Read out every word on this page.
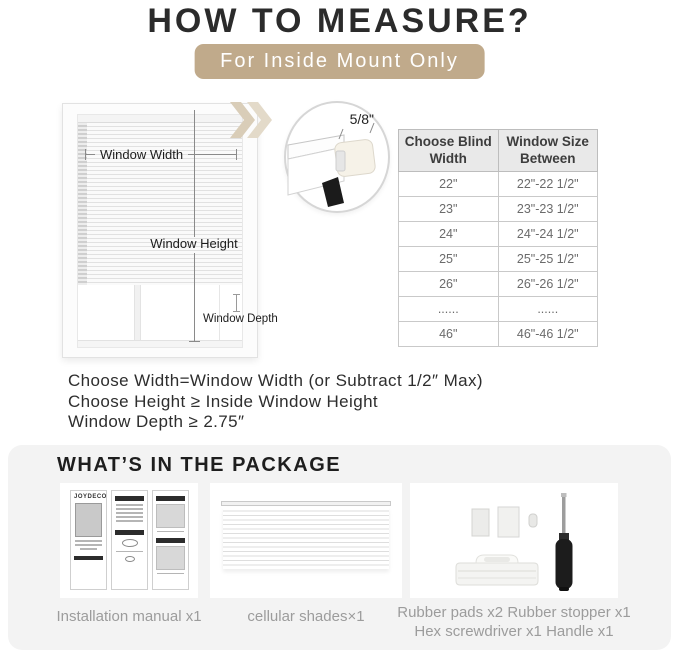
HOW TO MEASURE?
For Inside Mount Only
Window Width
Window Height
Window Depth
5/8"
Choose Blind Width	Window Size Between
22"	22"-22 1/2"
23"	23"-23 1/2"
24"	24"-24 1/2"
25"	25"-25 1/2"
26"	26"-26 1/2"
......	......
46"	46"-46 1/2"
Choose Width=Window Width (or Subtract 1/2″ Max)
Choose Height ≥ Inside Window Height
Window Depth ≥ 2.75″
WHAT’S IN THE PACKAGE
JOYDECO
Installation manual x1	cellular shades×1	Rubber pads x2 Rubber stopper x1
Hex screwdriver x1 Handle x1
